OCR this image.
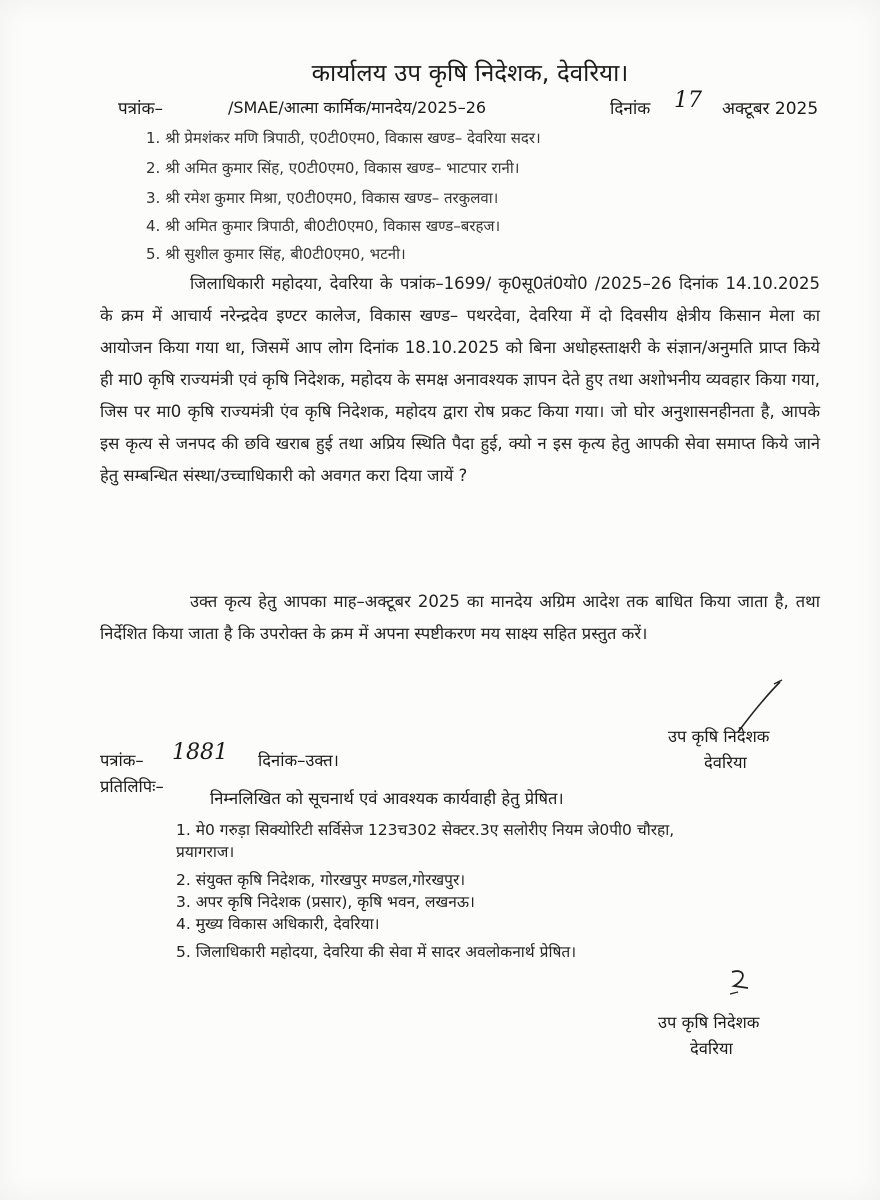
कार्यालय उप कृषि निदेशक, देवरिया।
पत्रांक–	/SMAE/आत्मा कार्मिक/मानदेय/2025–26	दिनांक 17 अक्टूबर 2025
1. श्री प्रेमशंकर मणि त्रिपाठी, ए0टी0एम0, विकास खण्ड– देवरिया सदर।
2. श्री अमित कुमार सिंह, ए0टी0एम0, विकास खण्ड– भाटपार रानी।
3. श्री रमेश कुमार मिश्रा, ए0टी0एम0, विकास खण्ड– तरकुलवा।
4. श्री अमित कुमार त्रिपाठी, बी0टी0एम0, विकास खण्ड–बरहज।
5. श्री सुशील कुमार सिंह, बी0टी0एम0, भटनी।

जिलाधिकारी महोदया, देवरिया के पत्रांक–1699/ कृ0सू0तं0यो0 /2025–26 दिनांक 14.10.2025 के क्रम में आचार्य नरेन्द्रदेव इण्टर कालेज, विकास खण्ड– पथरदेवा, देवरिया में दो दिवसीय क्षेत्रीय किसान मेला का आयोजन किया गया था, जिसमें आप लोग दिनांक 18.10.2025 को बिना अधोहस्ताक्षरी के संज्ञान/अनुमति प्राप्त किये ही मा0 कृषि राज्यमंत्री एवं कृषि निदेशक, महोदय के समक्ष अनावश्यक ज्ञापन देते हुए तथा अशोभनीय व्यवहार किया गया, जिस पर मा0 कृषि राज्यमंत्री एंव कृषि निदेशक, महोदय द्वारा रोष प्रकट किया गया। जो घोर अनुशासनहीनता है, आपके इस कृत्य से जनपद की छवि खराब हुई तथा अप्रिय स्थिति पैदा हुई, क्यो न इस कृत्य हेतु आपकी सेवा समाप्त किये जाने हेतु सम्बन्धित संस्था/उच्चाधिकारी को अवगत करा दिया जायें ?

उक्त कृत्य हेतु आपका माह–अक्टूबर 2025 का मानदेय अग्रिम आदेश तक बाधित किया जाता है, तथा निर्देशित किया जाता है कि उपरोक्त के क्रम में अपना स्पष्टीकरण मय साक्ष्य सहित प्रस्तुत करें।

उप कृषि निदेशक
देवरिया
पत्रांक– 1881 दिनांक–उक्त।
प्रतिलिपिः–
निम्नलिखित को सूचनार्थ एवं आवश्यक कार्यवाही हेतु प्रेषित।
1. मे0 गरुड़ा सिक्योरिटी सर्विसेज 123च302 सेक्टर.3ए सलोरीए नियम जे0पी0 चौरहा,
प्रयागराज।
2. संयुक्त कृषि निदेशक, गोरखपुर मण्डल,गोरखपुर।
3. अपर कृषि निदेशक (प्रसार), कृषि भवन, लखनऊ।
4. मुख्य विकास अधिकारी, देवरिया।
5. जिलाधिकारी महोदया, देवरिया की सेवा में सादर अवलोकनार्थ प्रेषित।
उप कृषि निदेशक
देवरिया
